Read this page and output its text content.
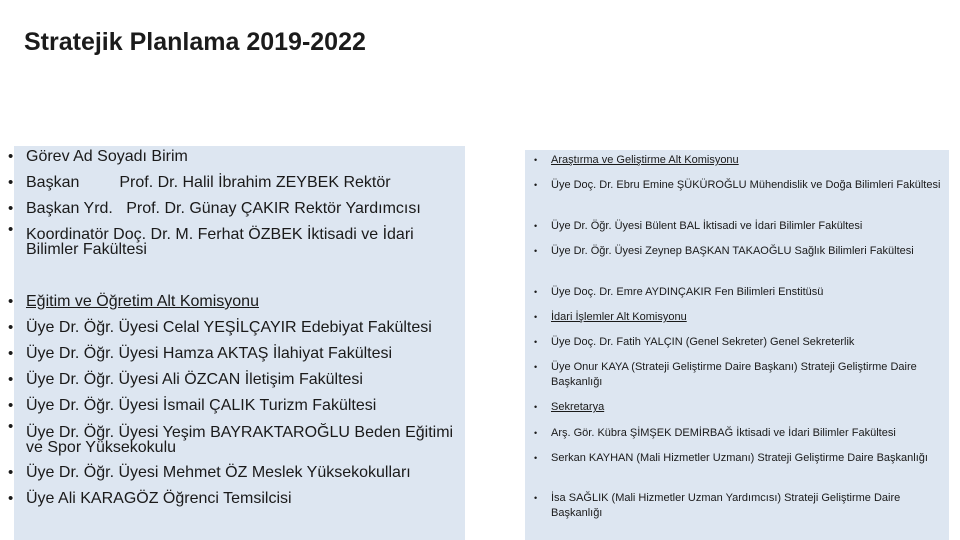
Stratejik Planlama 2019-2022
• Görev Ad Soyadı Birim
• Başkan         Prof. Dr. Halil İbrahim ZEYBEK Rektör
• Başkan Yrd.   Prof. Dr. Günay ÇAKIR Rektör Yardımcısı
• Koordinatör Doç. Dr. M. Ferhat ÖZBEK İktisadi ve İdari Bilimler Fakültesi
• Eğitim ve Öğretim Alt Komisyonu
• Üye Dr. Öğr. Üyesi Celal YEŞİLÇAYIR Edebiyat Fakültesi
• Üye Dr. Öğr. Üyesi Hamza AKTAŞ İlahiyat Fakültesi
• Üye Dr. Öğr. Üyesi Ali ÖZCAN İletişim Fakültesi
• Üye Dr. Öğr. Üyesi İsmail ÇALIK Turizm Fakültesi
• Üye Dr. Öğr. Üyesi Yeşim BAYRAKTAROĞLU Beden Eğitimi ve Spor Yüksekokulu
• Üye Dr. Öğr. Üyesi Mehmet ÖZ Meslek Yüksekokulları
• Üye Ali KARAGÖZ Öğrenci Temsilcisi
• Araştırma ve Geliştirme Alt Komisyonu
• Üye Doç. Dr. Ebru Emine ŞÜKÜROĞLU Mühendislik ve Doğa Bilimleri Fakültesi
• Üye Dr. Öğr. Üyesi Bülent BAL İktisadi ve İdari Bilimler Fakültesi
• Üye Dr. Öğr. Üyesi Zeynep BAŞKAN TAKAOĞLU Sağlık Bilimleri Fakültesi
• Üye Doç. Dr. Emre AYDINÇAKIR Fen Bilimleri Enstitüsü
• İdari İşlemler Alt Komisyonu
• Üye Doç. Dr. Fatih YALÇIN (Genel Sekreter) Genel Sekreterlik
• Üye Onur KAYA (Strateji Geliştirme Daire Başkanı) Strateji Geliştirme Daire Başkanlığı
• Sekretarya
• Arş. Gör. Kübra ŞİMŞEK DEMİRBAĞ İktisadi ve İdari Bilimler Fakültesi
• Serkan KAYHAN (Mali Hizmetler Uzmanı) Strateji Geliştirme Daire Başkanlığı
• İsa SAĞLIK (Mali Hizmetler Uzman Yardımcısı) Strateji Geliştirme Daire Başkanlığı
